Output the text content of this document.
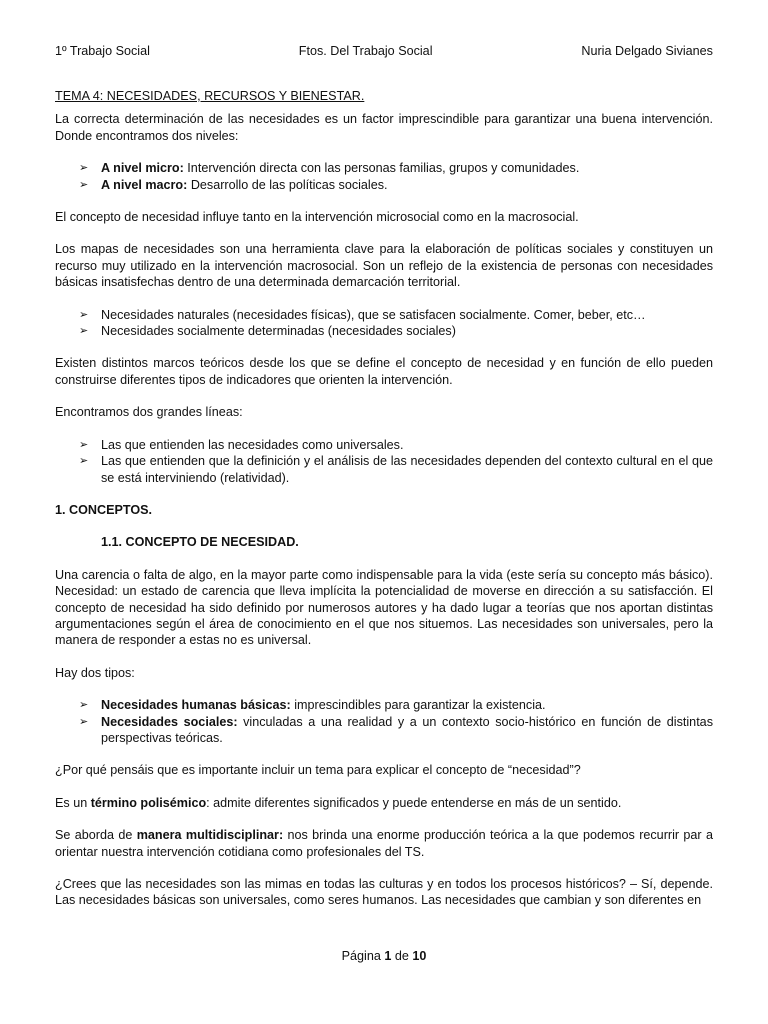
1º Trabajo Social	Ftos. Del Trabajo Social	Nuria Delgado Sivianes

TEMA 4: NECESIDADES, RECURSOS Y BIENESTAR.

La correcta determinación de las necesidades es un factor imprescindible para garantizar una buena intervención. Donde encontramos dos niveles:

➢ A nivel micro: Intervención directa con las personas familias, grupos y comunidades.
➢ A nivel macro: Desarrollo de las políticas sociales.

El concepto de necesidad influye tanto en la intervención microsocial como en la macrosocial.

Los mapas de necesidades son una herramienta clave para la elaboración de políticas sociales y constituyen un recurso muy utilizado en la intervención macrosocial. Son un reflejo de la existencia de personas con necesidades básicas insatisfechas dentro de una determinada demarcación territorial.

➢ Necesidades naturales (necesidades físicas), que se satisfacen socialmente. Comer, beber, etc…
➢ Necesidades socialmente determinadas (necesidades sociales)

Existen distintos marcos teóricos desde los que se define el concepto de necesidad y en función de ello pueden construirse diferentes tipos de indicadores que orienten la intervención.

Encontramos dos grandes líneas:

➢ Las que entienden las necesidades como universales.
➢ Las que entienden que la definición y el análisis de las necesidades dependen del contexto cultural en el que se está interviniendo (relatividad).

1. CONCEPTOS.

1.1. CONCEPTO DE NECESIDAD.

Una carencia o falta de algo, en la mayor parte como indispensable para la vida (este sería su concepto más básico). Necesidad: un estado de carencia que lleva implícita la potencialidad de moverse en dirección a su satisfacción. El concepto de necesidad ha sido definido por numerosos autores y ha dado lugar a teorías que nos aportan distintas argumentaciones según el área de conocimiento en el que nos situemos. Las necesidades son universales, pero la manera de responder a estas no es universal.

Hay dos tipos:

➢ Necesidades humanas básicas: imprescindibles para garantizar la existencia.
➢ Necesidades sociales: vinculadas a una realidad y a un contexto socio-histórico en función de distintas perspectivas teóricas.

¿Por qué pensáis que es importante incluir un tema para explicar el concepto de “necesidad”?

Es un término polisémico: admite diferentes significados y puede entenderse en más de un sentido.

Se aborda de manera multidisciplinar: nos brinda una enorme producción teórica a la que podemos recurrir par a orientar nuestra intervención cotidiana como profesionales del TS.

¿Crees que las necesidades son las mimas en todas las culturas y en todos los procesos históricos? – Sí, depende. Las necesidades básicas son universales, como seres humanos. Las necesidades que cambian y son diferentes en

Página 1 de 10
